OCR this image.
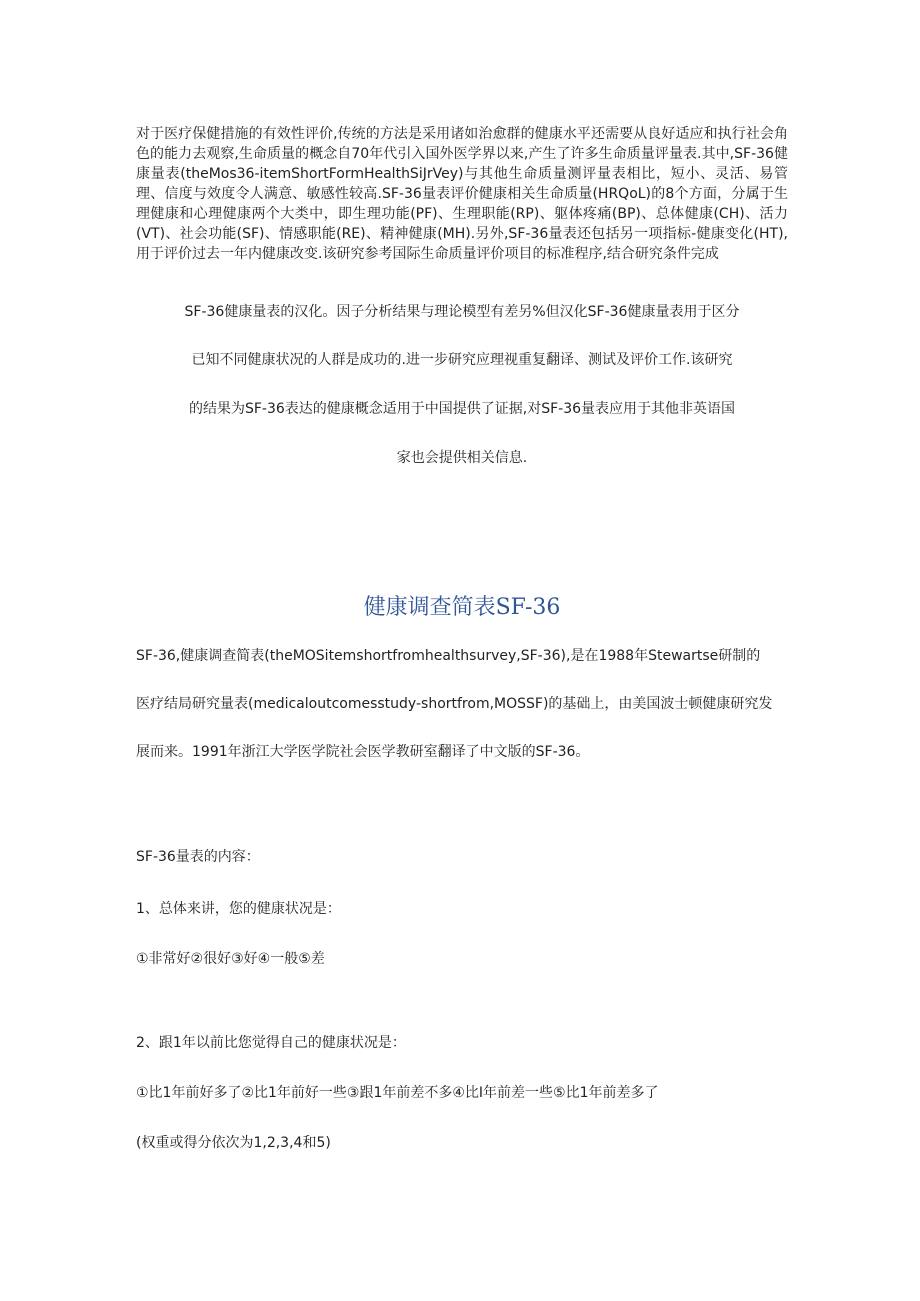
对于医疗保健措施的有效性评价,传统的方法是采用诸如治愈群的健康水平还需要从良好适应和执行社会角色的能力去观察,生命质量的概念自70年代引入国外医学界以来,产生了许多生命质量评量表.其中,SF-36健康量表(theMos36-itemShortFormHealthSiJrVey)与其他生命质量测评量表相比，短小、灵活、易管理、信度与效度令人满意、敏感性较高.SF-36量表评价健康相关生命质量(HRQoL)的8个方面，分属于生理健康和心理健康两个大类中，即生理功能(PF)、生理职能(RP)、躯体疼痛(BP)、总体健康(CH)、活力(VT)、社会功能(SF)、情感职能(RE)、精神健康(MH).另外,SF-36量表还包括另一项指标-健康变化(HT),用于评价过去一年内健康改变.该研究参考国际生命质量评价项目的标准程序,结合研究条件完成

SF-36健康量表的汉化。因子分析结果与理论模型有差另%但汉化SF-36健康量表用于区分

已知不同健康状况的人群是成功的.进一步研究应理视重复翻译、测试及评价工作.该研究

的结果为SF-36表达的健康概念适用于中国提供了证据,对SF-36量表应用于其他非英语国

家也会提供相关信息.

健康调查简表SF-36

SF-36,健康调查简表(theMOSitemshortfromhealthsurvey,SF-36),是在1988年Stewartse研制的

医疗结局研究量表(medicaloutcomesstudy-shortfrom,MOSSF)的基础上，由美国波士顿健康研究发

展而来。1991年浙江大学医学院社会医学教研室翻译了中文版的SF-36。

SF-36量表的内容：

1、总体来讲，您的健康状况是：

①非常好②很好③好④一般⑤差

2、跟1年以前比您觉得自己的健康状况是：

①比1年前好多了②比1年前好一些③跟1年前差不多④比I年前差一些⑤比1年前差多了

(权重或得分依次为1,2,3,4和5)
